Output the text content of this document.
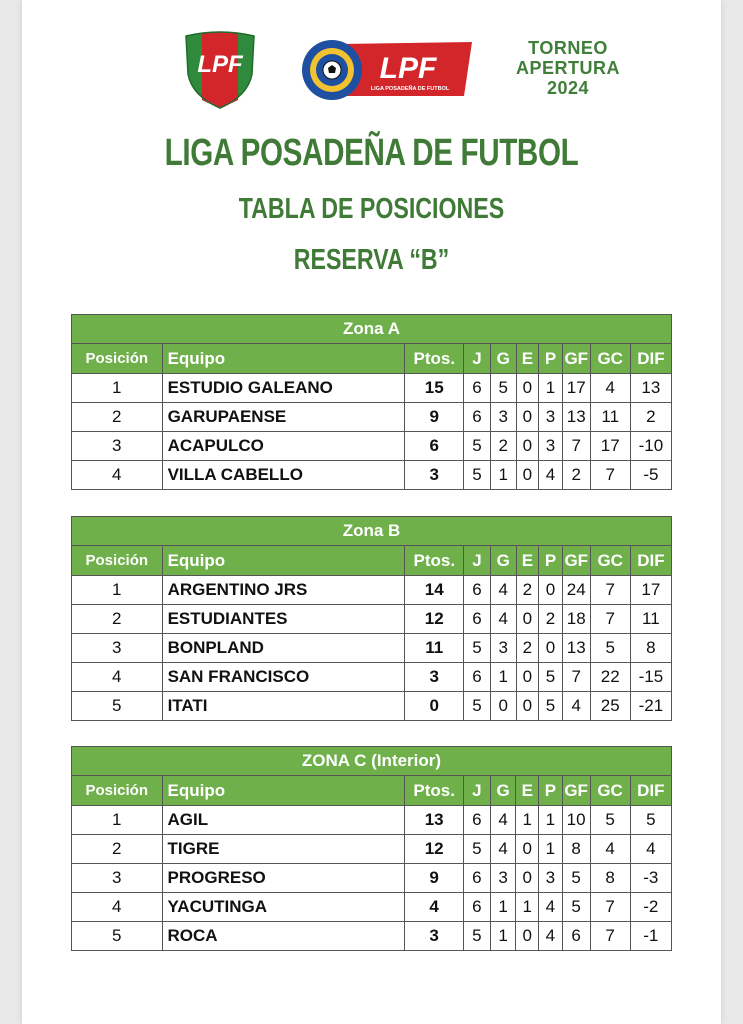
LPF	LPF
LIGA POSADEÑA DE FUTBOL
TORNEO
APERTURA
2024
LIGA POSADEÑA DE FUTBOL
TABLA DE POSICIONES
RESERVA “B”
Zona A									
Posición	Equipo	Ptos.	J	G	E	P	GF	GC	DIF
1	ESTUDIO GALEANO	15	6	5	0	1	17	4	13
2	GARUPAENSE	9	6	3	0	3	13	11	2
3	ACAPULCO	6	5	2	0	3	7	17	-10
4	VILLA CABELLO	3	5	1	0	4	2	7	-5
Zona B									
Posición	Equipo	Ptos.	J	G	E	P	GF	GC	DIF
1	ARGENTINO JRS	14	6	4	2	0	24	7	17
2	ESTUDIANTES	12	6	4	0	2	18	7	11
3	BONPLAND	11	5	3	2	0	13	5	8
4	SAN FRANCISCO	3	6	1	0	5	7	22	-15
5	ITATI	0	5	0	0	5	4	25	-21
ZONA C (Interior)									
Posición	Equipo	Ptos.	J	G	E	P	GF	GC	DIF
1	AGIL	13	6	4	1	1	10	5	5
2	TIGRE	12	5	4	0	1	8	4	4
3	PROGRESO	9	6	3	0	3	5	8	-3
4	YACUTINGA	4	6	1	1	4	5	7	-2
5	ROCA	3	5	1	0	4	6	7	-1
